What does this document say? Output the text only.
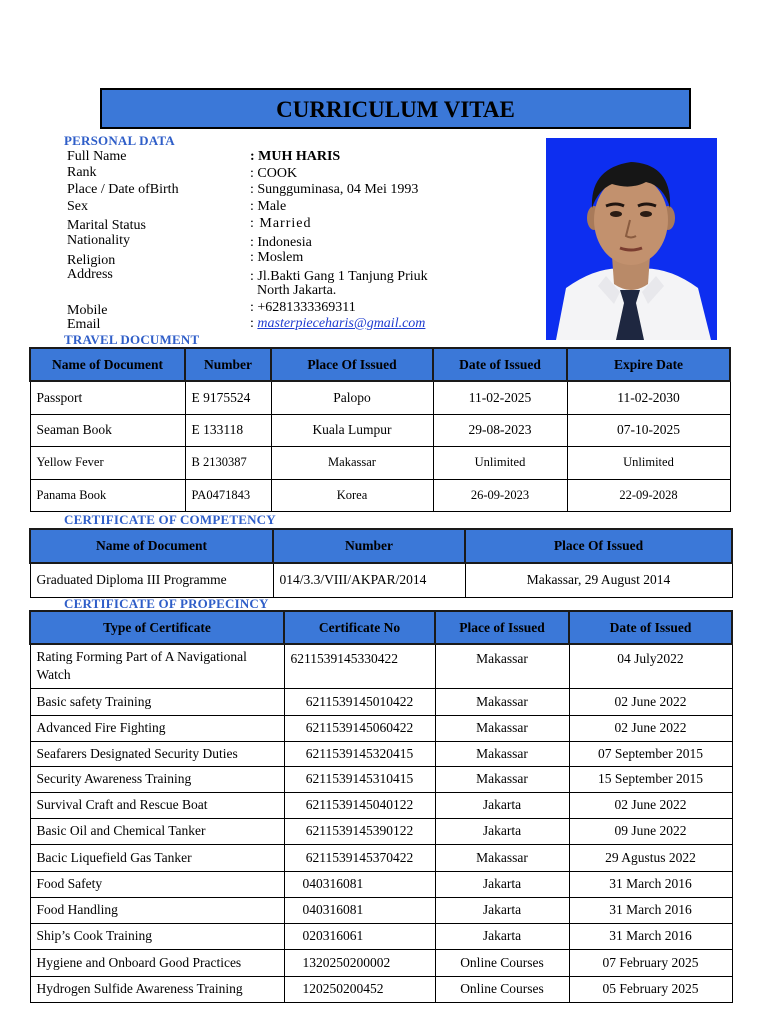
CURRICULUM VITAE
PERSONAL DATA
Full Name	: MUH HARIS
Rank	: COOK
Place / Date ofBirth	: Sungguminasa, 04 Mei 1993
Sex	: Male
Marital Status	: Married
Nationality	: Indonesia
Religion	: Moslem
Address	: Jl.Bakti Gang 1 Tanjung Priuk
North Jakarta.
Mobile	: +6281333369311
Email	: masterpieceharis@gmail.com
TRAVEL DOCUMENT
Name of Document	Number	Place Of Issued	Date of Issued	Expire Date
Passport	E 9175524	Palopo	11-02-2025	11-02-2030
Seaman Book	E 133118	Kuala Lumpur	29-08-2023	07-10-2025
Yellow Fever	B 2130387	Makassar	Unlimited	Unlimited
Panama Book	PA0471843	Korea	26-09-2023	22-09-2028
CERTIFICATE OF COMPETENCY
Name of Document	Number	Place Of Issued
Graduated Diploma III Programme	014/3.3/VIII/AKPAR/2014	Makassar, 29 August 2014
CERTIFICATE OF PROPECINCY
Type of Certificate	Certificate No	Place of Issued	Date of Issued
Rating Forming Part of A Navigational Watch	6211539145330422	Makassar	04 July2022
Basic safety Training	6211539145010422	Makassar	02 June 2022
Advanced Fire Fighting	6211539145060422	Makassar	02 June 2022
Seafarers Designated Security Duties	6211539145320415	Makassar	07 September 2015
Security Awareness Training	6211539145310415	Makassar	15 September 2015
Survival Craft and Rescue Boat	6211539145040122	Jakarta	02 June 2022
Basic Oil and Chemical Tanker	6211539145390122	Jakarta	09 June 2022
Bacic Liquefield Gas Tanker	6211539145370422	Makassar	29 Agustus 2022
Food Safety	040316081	Jakarta	31 March 2016
Food Handling	040316081	Jakarta	31 March 2016
Ship’s Cook Training	020316061	Jakarta	31 March 2016
Hygiene and Onboard Good Practices	1320250200002	Online Courses	07 February 2025
Hydrogen Sulfide Awareness Training	120250200452	Online Courses	05 February 2025
